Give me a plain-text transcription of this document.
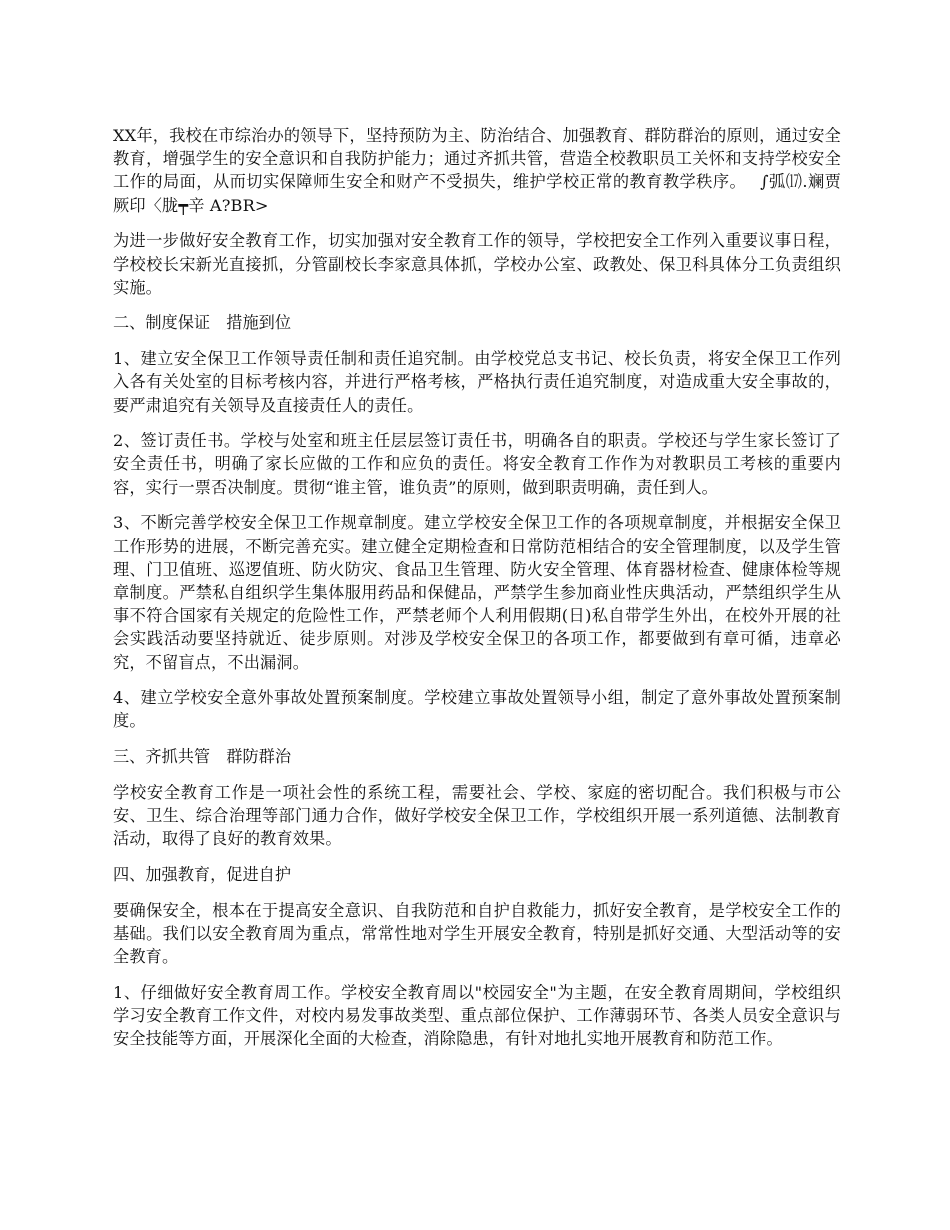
XX年，我校在市综治办的领导下，坚持预防为主、防治结合、加强教育、群防群治的原则，通过安全教育，增强学生的安全意识和自我防护能力；通过齐抓共管，营造全校教职员工关怀和支持学校安全工作的局面，从而切实保障师生安全和财产不受损失，维护学校正常的教育教学秩序。 ∫弧⒄.斓贾厥印〈胧┯辛 A?BR>

为进一步做好安全教育工作，切实加强对安全教育工作的领导，学校把安全工作列入重要议事日程，学校校长宋新光直接抓，分管副校长李家意具体抓，学校办公室、政教处、保卫科具体分工负责组织实施。

二、制度保证　措施到位

1、建立安全保卫工作领导责任制和责任追究制。由学校党总支书记、校长负责，将安全保卫工作列入各有关处室的目标考核内容，并进行严格考核，严格执行责任追究制度，对造成重大安全事故的，要严肃追究有关领导及直接责任人的责任。

2、签订责任书。学校与处室和班主任层层签订责任书，明确各自的职责。学校还与学生家长签订了安全责任书，明确了家长应做的工作和应负的责任。将安全教育工作作为对教职员工考核的重要内容，实行一票否决制度。贯彻“谁主管，谁负责”的原则，做到职责明确，责任到人。

3、不断完善学校安全保卫工作规章制度。建立学校安全保卫工作的各项规章制度，并根据安全保卫工作形势的进展，不断完善充实。建立健全定期检查和日常防范相结合的安全管理制度，以及学生管理、门卫值班、巡逻值班、防火防灾、食品卫生管理、防火安全管理、体育器材检查、健康体检等规章制度。严禁私自组织学生集体服用药品和保健品，严禁学生参加商业性庆典活动，严禁组织学生从事不符合国家有关规定的危险性工作，严禁老师个人利用假期(日)私自带学生外出，在校外开展的社会实践活动要坚持就近、徒步原则。对涉及学校安全保卫的各项工作，都要做到有章可循，违章必究，不留盲点，不出漏洞。

4、建立学校安全意外事故处置预案制度。学校建立事故处置领导小组，制定了意外事故处置预案制度。

三、齐抓共管　群防群治

学校安全教育工作是一项社会性的系统工程，需要社会、学校、家庭的密切配合。我们积极与市公安、卫生、综合治理等部门通力合作，做好学校安全保卫工作，学校组织开展一系列道德、法制教育活动，取得了良好的教育效果。

四、加强教育，促进自护

要确保安全，根本在于提高安全意识、自我防范和自护自救能力，抓好安全教育，是学校安全工作的基础。我们以安全教育周为重点，常常性地对学生开展安全教育，特别是抓好交通、大型活动等的安全教育。

1、仔细做好安全教育周工作。学校安全教育周以"校园安全"为主题，在安全教育周期间，学校组织学习安全教育工作文件，对校内易发事故类型、重点部位保护、工作薄弱环节、各类人员安全意识与安全技能等方面，开展深化全面的大检查，消除隐患，有针对地扎实地开展教育和防范工作。
